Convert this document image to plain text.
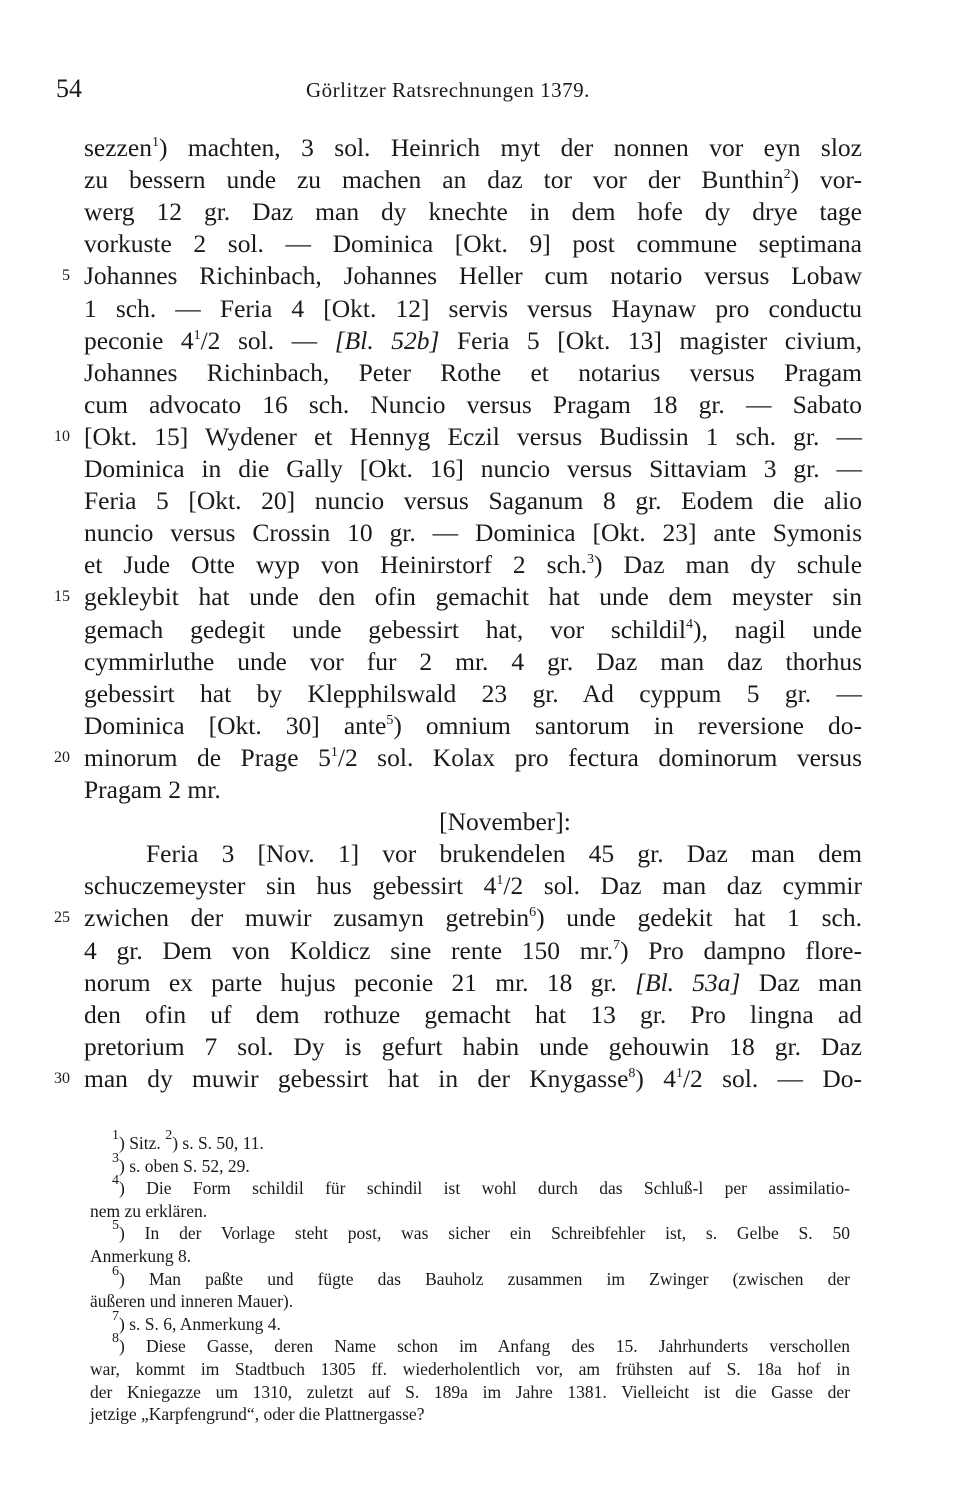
54	Görlitzer Ratsrechnungen 1379.
sezzen$^1$) machten, 3 sol. Heinrich myt der nonnen vor eyn sloz
zu bessern unde zu machen an daz tor vor der Bunthin$^2$) vor-
werg 12 gr. Daz man dy knechte in dem hofe dy drye tage
vorkuste 2 sol. — Dominica [Okt. 9] post commune septimana
5 Johannes Richinbach, Johannes Heller cum notario versus Lobaw
1 sch. — Feria 4 [Okt. 12] servis versus Haynaw pro conductu
peconie $4^1/2$ sol. — [Bl. 52b] Feria 5 [Okt. 13] magister civium,
Johannes Richinbach, Peter Rothe et notarius versus Pragam
cum advocato 16 sch. Nuncio versus Pragam 18 gr. — Sabato
10 [Okt. 15] Wydener et Hennyg Eczil versus Budissin 1 sch. gr. —
Dominica in die Gally [Okt. 16] nuncio versus Sittaviam 3 gr. —
Feria 5 [Okt. 20] nuncio versus Saganum 8 gr. Eodem die alio
nuncio versus Crossin 10 gr. — Dominica [Okt. 23] ante Symonis
et Jude Otte wyp von Heinirstorf 2 sch.$^3$) Daz man dy schule
15 gekleybit hat unde den ofin gemachit hat unde dem meyster sin
gemach gedegit unde gebessirt hat, vor schildil$^4$), nagil unde
cymmirluthe unde vor fur 2 mr. 4 gr. Daz man daz thorhus
gebessirt hat by Klepphilswald 23 gr. Ad cyppum 5 gr. —
Dominica [Okt. 30] ante$^5$) omnium santorum in reversione do-
20 minorum de Prage $5^1/2$ sol. Kolax pro fectura dominorum versus
Pragam 2 mr.
[November]:
Feria 3 [Nov. 1] vor brukendelen 45 gr. Daz man dem
schuczemeyster sin hus gebessirt $4^1/2$ sol. Daz man daz cymmir
25 zwichen der muwir zusamyn getrebin$^6$) unde gedekit hat 1 sch.
4 gr. Dem von Koldicz sine rente 150 mr.$^7$) Pro dampno flore-
norum ex parte hujus peconie 21 mr. 18 gr. [Bl. 53a] Daz man
den ofin uf dem rothuze gemacht hat 13 gr. Pro lingna ad
pretorium 7 sol. Dy is gefurt habin unde gehouwin 18 gr. Daz
30 man dy muwir gebessirt hat in der Knygasse$^8$) $4^1/2$ sol. — Do-
$^1$) Sitz. $^2$) s. S. 50, 11.
$^3$) s. oben S. 52, 29.
$^4$) Die Form schildil für schindil ist wohl durch das Schluß-l per assimilatio-
nem zu erklären.
$^5$) In der Vorlage steht post, was sicher ein Schreibfehler ist, s. Gelbe S. 50
Anmerkung 8.
$^6$) Man paßte und fügte das Bauholz zusammen im Zwinger (zwischen der
äußeren und inneren Mauer).
$^7$) s. S. 6, Anmerkung 4.
$^8$) Diese Gasse, deren Name schon im Anfang des 15. Jahrhunderts verschollen
war, kommt im Stadtbuch 1305 ff. wiederholentlich vor, am frühsten auf S. 18a hof in
der Kniegazze um 1310, zuletzt auf S. 189a im Jahre 1381. Vielleicht ist die Gasse der
jetzige „Karpfengrund“, oder die Plattnergasse?
